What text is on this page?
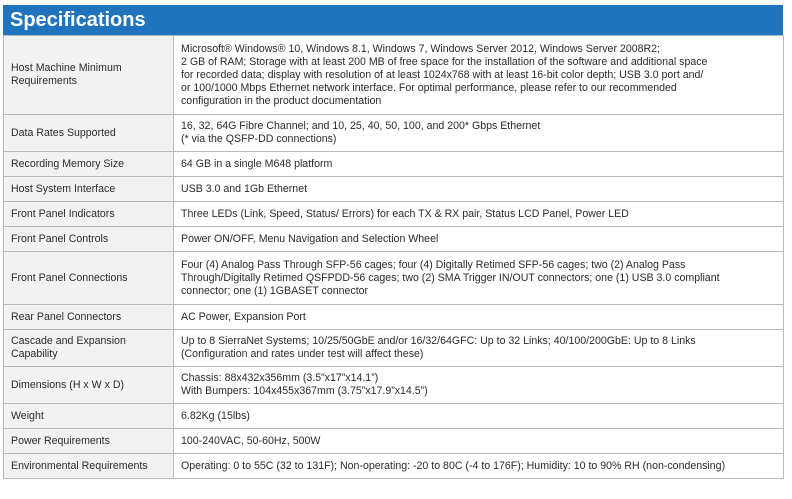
Specifications
Host Machine Minimum Requirements	Microsoft® Windows® 10, Windows 8.1, Windows 7, Windows Server 2012, Windows Server 2008R2;
2 GB of RAM; Storage with at least 200 MB of free space for the installation of the software and additional space
for recorded data; display with resolution of at least 1024x768 with at least 16-bit color depth; USB 3.0 port and/
or 100/1000 Mbps Ethernet network interface. For optimal performance, please refer to our recommended
configuration in the product documentation

Data Rates Supported	16, 32, 64G Fibre Channel; and 10, 25, 40, 50, 100, and 200* Gbps Ethernet
(* via the QSFP-DD connections)

Recording Memory Size	64 GB in a single M648 platform

Host System Interface	USB 3.0 and 1Gb Ethernet

Front Panel Indicators	Three LEDs (Link, Speed, Status/ Errors) for each TX & RX pair, Status LCD Panel, Power LED

Front Panel Controls	Power ON/OFF, Menu Navigation and Selection Wheel

Front Panel Connections	Four (4) Analog Pass Through SFP-56 cages; four (4) Digitally Retimed SFP-56 cages; two (2) Analog Pass
Through/Digitally Retimed QSFPDD-56 cages; two (2) SMA Trigger IN/OUT connectors; one (1) USB 3.0 compliant
connector; one (1) 1GBASET connector

Rear Panel Connectors	AC Power, Expansion Port

Cascade and Expansion Capability	Up to 8 SierraNet Systems; 10/25/50GbE and/or 16/32/64GFC: Up to 32 Links; 40/100/200GbE: Up to 8 Links
(Configuration and rates under test will affect these)

Dimensions (H x W x D)	Chassis: 88x432x356mm (3.5”x17”x14.1”)
With Bumpers: 104x455x367mm (3.75”x17.9”x14.5”)

Weight	6.82Kg (15lbs)

Power Requirements	100-240VAC, 50-60Hz, 500W

Environmental Requirements	Operating: 0 to 55C (32 to 131F); Non-operating: -20 to 80C (-4 to 176F); Humidity: 10 to 90% RH (non-condensing)
